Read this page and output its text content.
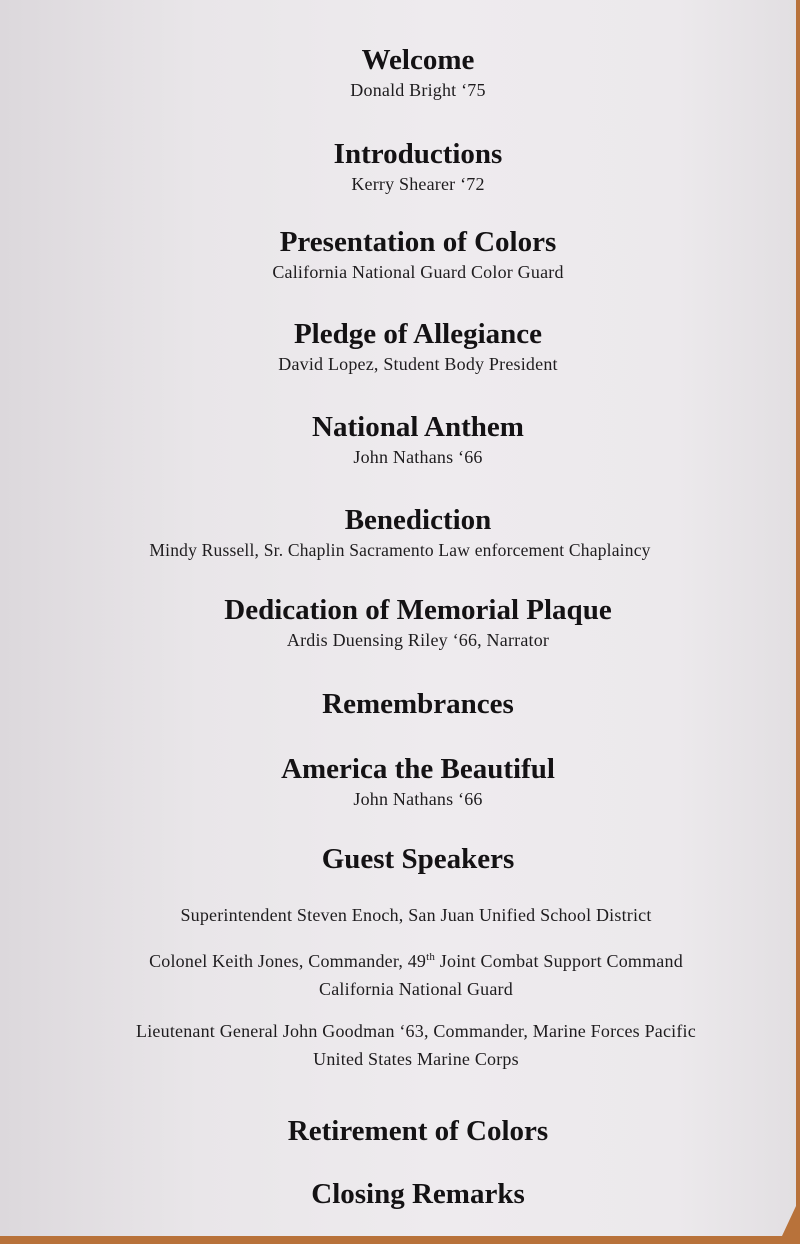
Welcome

Donald Bright ‘75

Introductions

Kerry Shearer ‘72

Presentation of Colors

California National Guard Color Guard

Pledge of Allegiance

David Lopez, Student Body President

National Anthem

John Nathans ‘66

Benediction

Mindy Russell, Sr. Chaplin Sacramento Law enforcement Chaplaincy

Dedication of Memorial Plaque

Ardis Duensing Riley ‘66, Narrator

Remembrances

America the Beautiful

John Nathans ‘66

Guest Speakers

Superintendent Steven Enoch, San Juan Unified School District

Colonel Keith Jones, Commander, 49th Joint Combat Support Command

California National Guard

Lieutenant General John Goodman ‘63, Commander, Marine Forces Pacific

United States Marine Corps

Retirement of Colors

Closing Remarks
